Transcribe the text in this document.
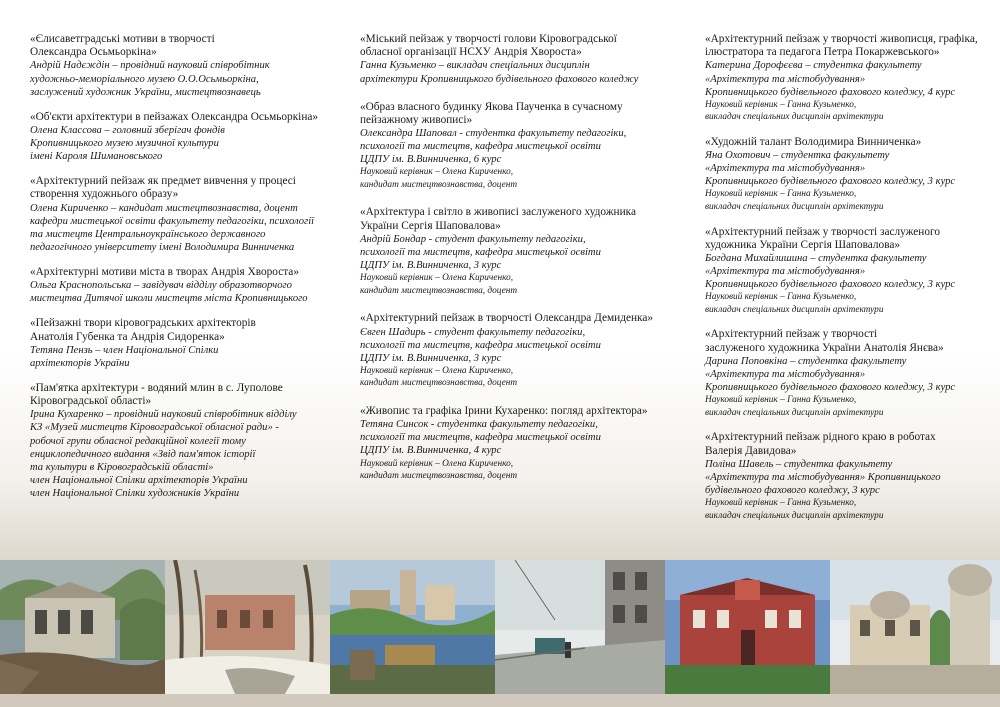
«Єлисаветградські мотиви в творчості
Олександра Осьмьоркіна»
Андрій Надєждін – провідний науковий співробітник
художньо-меморіального музею О.О.Осьмьоркіна,
заслужений художник України, мистецтвознавець
«Об'єкти архітектури в пейзажах Олександра Осьмьоркіна»
Олена Классова – головний зберігач фондів
Кропивницького музею музичної культури
імені Кароля Шимановського
«Архітектурний пейзаж як предмет вивчення у процесі
створення художнього образу»
Олена Кириченко – кандидат мистецтвознавства, доцент
кафедри мистецької освіти факультету педагогіки, психології
та мистецтв Центральноукраїнського державного
педагогічного університету імені Володимира Винниченка
«Архітектурні мотиви міста в творах Андрія Хвороста»
Ольга Краснопольська – завідувач відділу образотворчого
мистецтва Дитячої школи мистецтв міста Кропивницького
«Пейзажні твори кіровоградських архітекторів
Анатолія Губенка та Андрія Сидоренка»
Тетяна Пензь – член Національної Спілки
архітекторів України
«Пам'ятка архітектури - водяний млин в с. Луполове
Кіровоградської області»
Ірина Кухаренко – провідний науковий співробітник відділу
КЗ «Музей мистецтв Кіровоградської обласної ради» -
робочої групи обласної редакційної колегії тому
енциклопедичного видання «Звід пам'яток історії
та культури в Кіровоградській області»
член Національної Спілки архітекторів України
член Національної Спілки художників України
«Міський пейзаж у творчості голови Кіровоградської
обласної організації НСХУ Андрія Хвороста»
Ганна Кузьменко – викладач спеціальних дисциплін
архітектури Кропивницького будівельного фахового коледжу
«Образ власного будинку Якова Паученка в сучасному
пейзажному живописі»
Олександра Шаповал - студентка факультету педагогіки,
психології та мистецтв, кафедра мистецької освіти
ЦДПУ ім. В.Винниченка, 6 курс
Науковий керівник – Олена Кириченко,
кандидат мистецтвознавства, доцент
«Архітектура і світло в живописі заслуженого художника
України Сергія Шаповалова»
Андрій Бондар - студент факультету педагогіки,
психології та мистецтв, кафедра мистецької освіти
ЦДПУ ім. В.Винниченка, 3 курс
Науковий керівник – Олена Кириченко,
кандидат мистецтвознавства, доцент
«Архітектурний пейзаж в творчості Олександра Демиденка»
Євген Шадирь - студент факультету педагогіки,
психології та мистецтв, кафедра мистецької освіти
ЦДПУ ім. В.Винниченка, 3 курс
Науковий керівник – Олена Кириченко,
кандидат мистецтвознавства, доцент
«Живопис та графіка Ірини Кухаренко: погляд архітектора»
Тетяна Синсок - студентка факультету педагогіки,
психології та мистецтв, кафедра мистецької освіти
ЦДПУ ім. В.Винниченка, 4 курс
Науковий керівник – Олена Кириченко,
кандидат мистецтвознавства, доцент
«Архітектурний пейзаж у творчості живописця, графіка,
ілюстратора та педагога Петра Покаржевського»
Катерина Дорофєєва – студентка факультету
«Архітектура та містобудування»
Кропивницького будівельного фахового коледжу, 4 курс
Науковий керівник – Ганна Кузьменко,
викладач спеціальних дисциплін архітектури
«Художній талант Володимира Винниченка»
Яна Охотович – студентка факультету
«Архітектура та містобудування»
Кропивницького будівельного фахового коледжу, 3 курс
Науковий керівник – Ганна Кузьменко,
викладач спеціальних дисциплін архітектури
«Архітектурний пейзаж у творчості заслуженого
художника України Сергія Шаповалова»
Богдана Михайлишина – студентка факультету
«Архітектура та містобудування»
Кропивницького будівельного фахового коледжу, 3 курс
Науковий керівник – Ганна Кузьменко,
викладач спеціальних дисциплін архітектури
«Архітектурний пейзаж у творчості
заслуженого художника України Анатолія Янєва»
Дарина Поповкіна – студентка факультету
«Архітектура та містобудування»
Кропивницького будівельного фахового коледжу, 3 курс
Науковий керівник – Ганна Кузьменко,
викладач спеціальних дисциплін архітектури
«Архітектурний пейзаж рідного краю в роботах
Валерія Давидова»
Поліна Шавель – студентка факультету
«Архітектура та містобудування» Кропивницького
будівельного фахового коледжу, 3 курс
Науковий керівник – Ганна Кузьменко,
викладач спеціальних дисциплін архітектури
